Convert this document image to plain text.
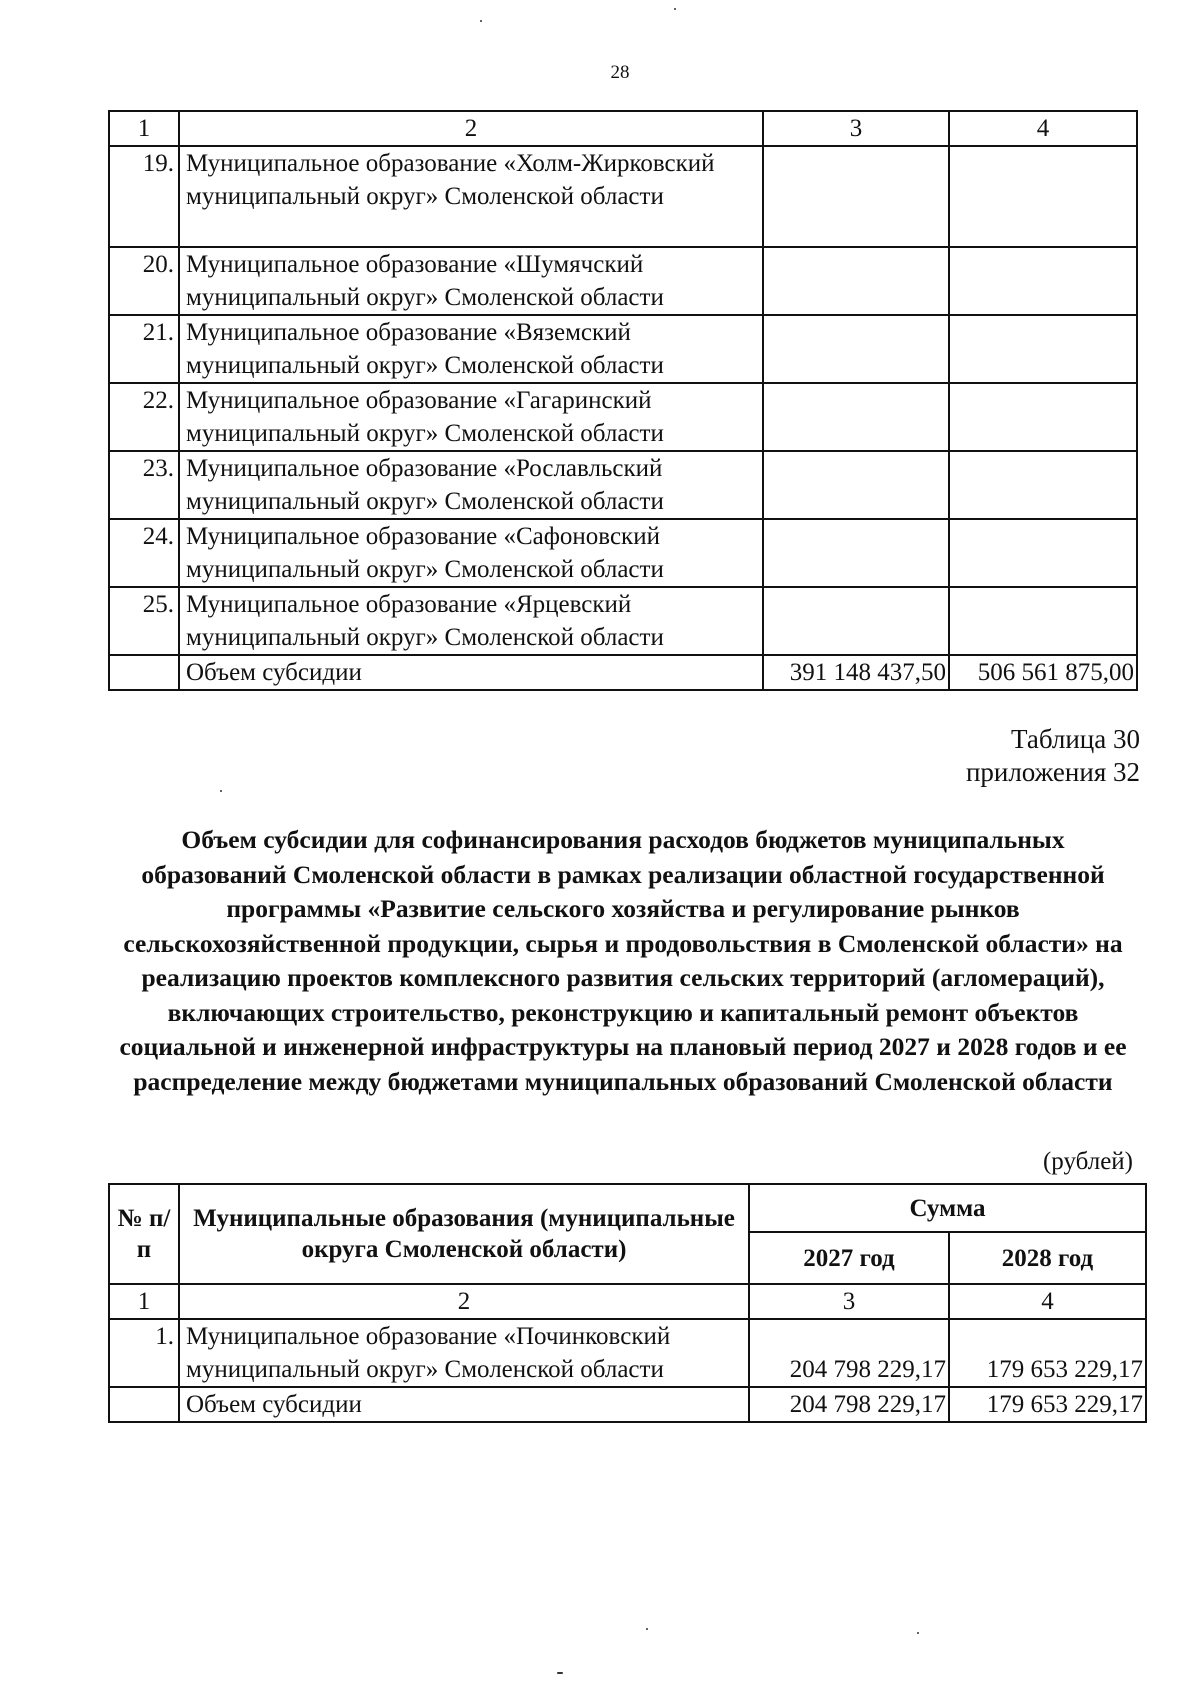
28
1	2	3	4
19.	Муниципальное образование «Холм-Жирковский муниципальный округ» Смоленской области		
20.	Муниципальное образование «Шумячский муниципальный округ» Смоленской области		
21.	Муниципальное образование «Вяземский муниципальный округ» Смоленской области		
22.	Муниципальное образование «Гагаринский муниципальный округ» Смоленской области		
23.	Муниципальное образование «Рославльский муниципальный округ» Смоленской области		
24.	Муниципальное образование «Сафоновский муниципальный округ» Смоленской области		
25.	Муниципальное образование «Ярцевский муниципальный округ» Смоленской области		
	Объем субсидии	391 148 437,50	506 561 875,00
Таблица 30
приложения 32
Объем субсидии для софинансирования расходов бюджетов муниципальных образований Смоленской области в рамках реализации областной государственной программы «Развитие сельского хозяйства и регулирование рынков сельскохозяйственной продукции, сырья и продовольствия в Смоленской области» на реализацию проектов комплексного развития сельских территорий (агломераций), включающих строительство, реконструкцию и капитальный ремонт объектов социальной и инженерной инфраструктуры на плановый период 2027 и 2028 годов и ее распределение между бюджетами муниципальных образований Смоленской области
(рублей)
№ п/п	Муниципальные образования (муниципальные округа Смоленской области)	Сумма	
		2027 год	2028 год
1	2	3	4
1.	Муниципальное образование «Починковский муниципальный округ» Смоленской области	204 798 229,17	179 653 229,17
	Объем субсидии	204 798 229,17	179 653 229,17
